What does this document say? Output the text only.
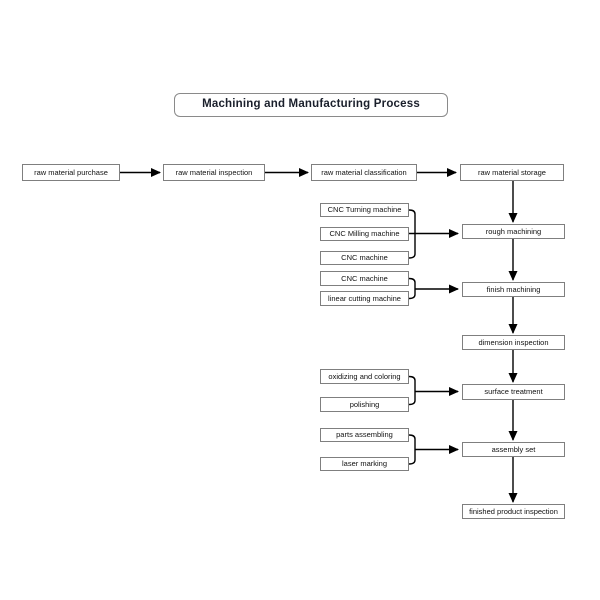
Machining and Manufacturing Process
raw material purchase	raw material inspection	raw material classification	raw material storage
rough machining
finish machining
dimension inspection
surface treatment
assembly set
finished product inspection
CNC Turning machine
CNC Milling machine
CNC machine
CNC machine
linear cutting machine
oxidizing and coloring
polishing
parts assembling
laser marking
